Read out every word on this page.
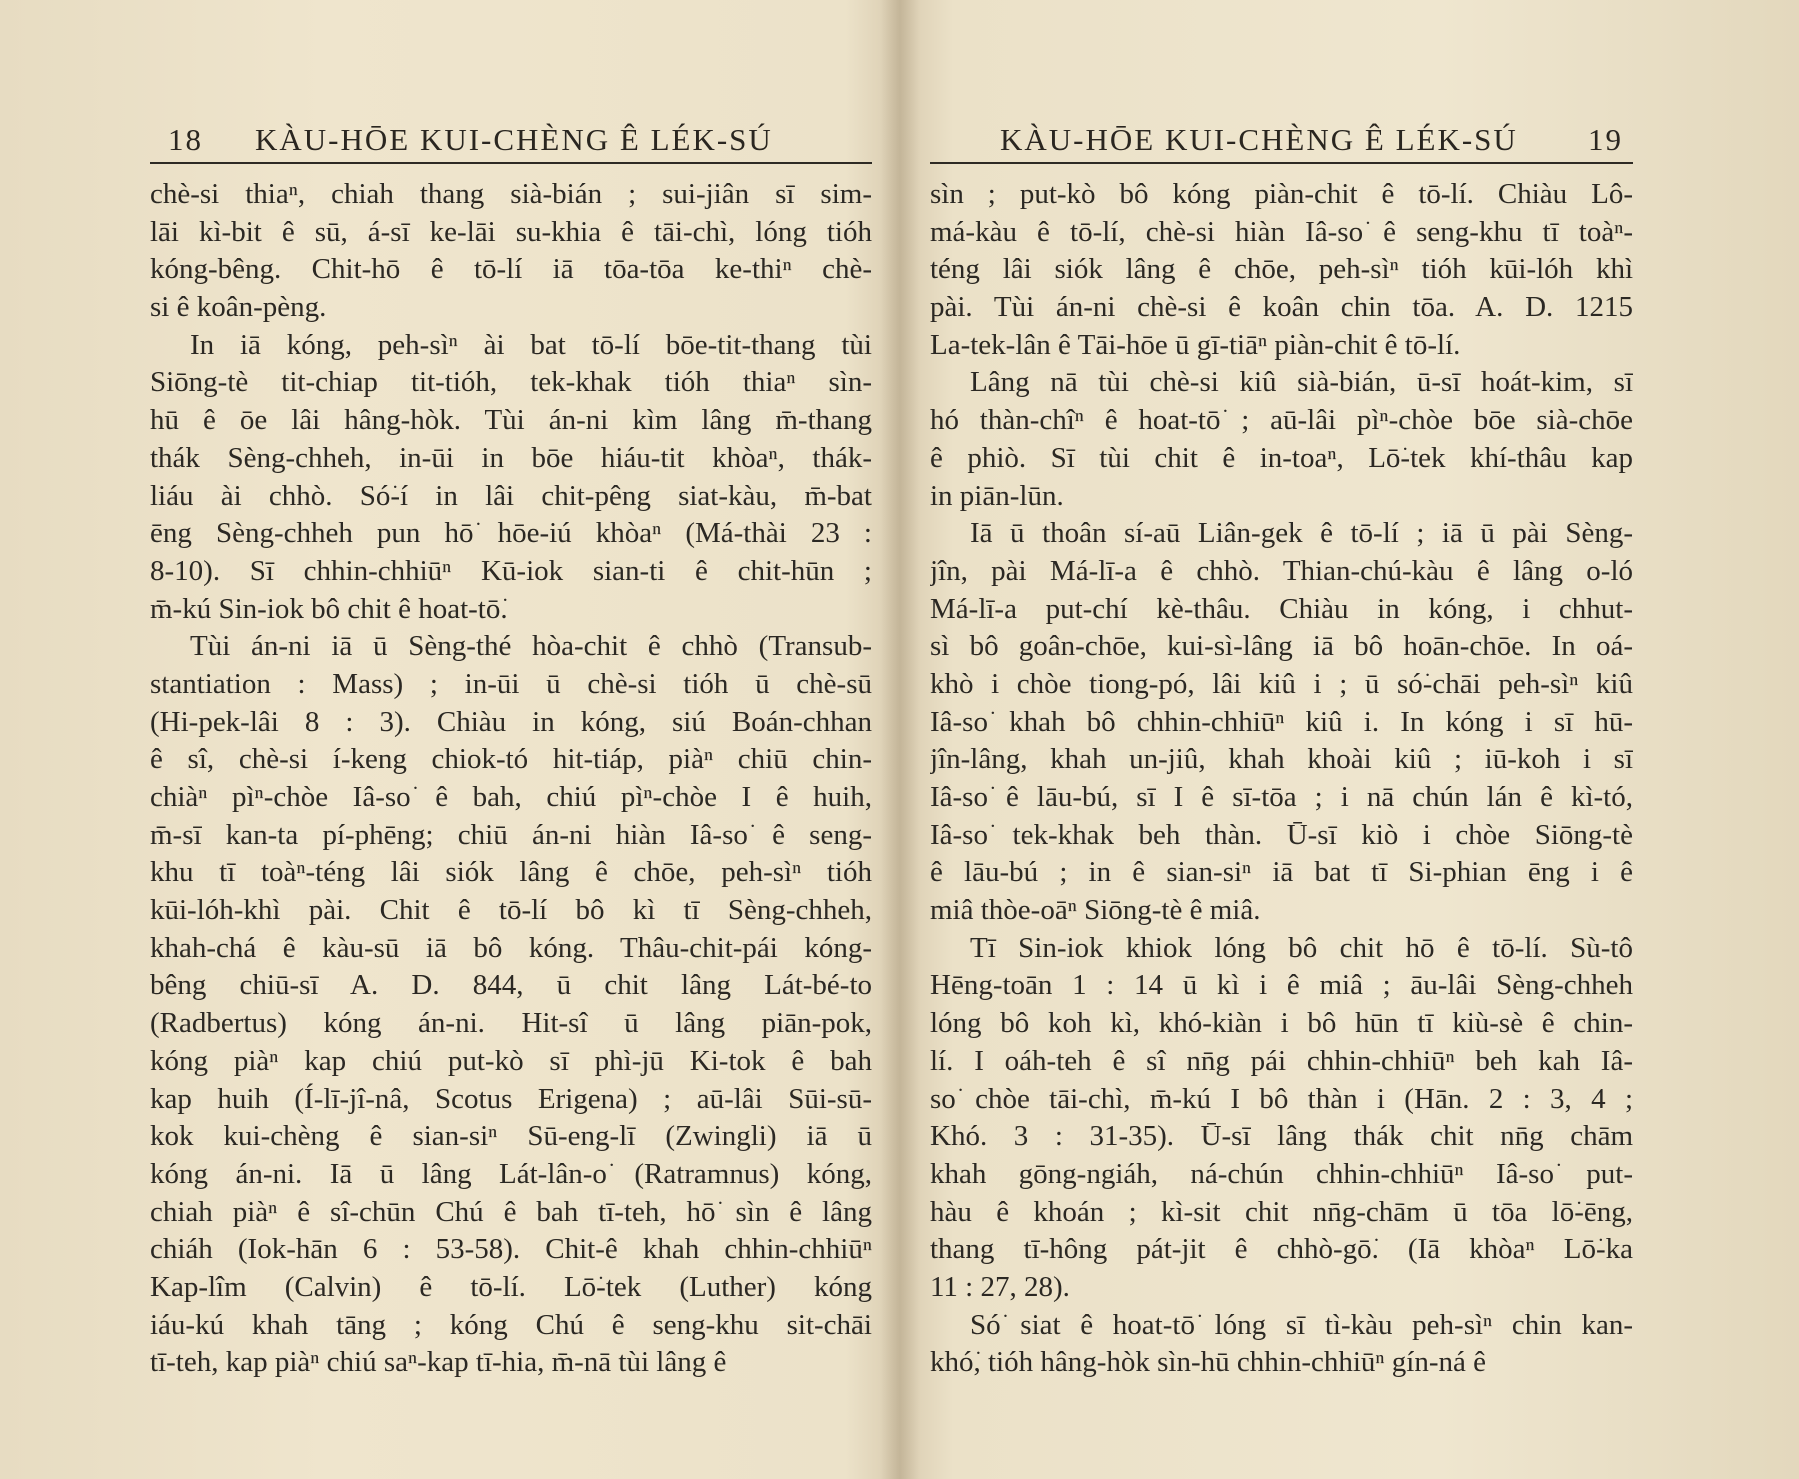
18 KÀU-HŌE KUI-CHÈNG Ê LÉK-SÚ
chè-si thiaⁿ, chiah thang sià-bián ; sui-jiân sī sim-
lāi kì-bit ê sū, á-sī ke-lāi su-khia ê tāi-chì, lóng tióh
kóng-bêng. Chit-hō ê tō-lí iā tōa-tōa ke-thiⁿ chè-
si ê koân-pèng.
In iā kóng, peh-sìⁿ ài bat tō-lí bōe-tit-thang tùi
Siōng-tè tit-chiap tit-tióh, tek-khak tióh thiaⁿ sìn-
hū ê ōe lâi hâng-hòk. Tùi án-ni kìm lâng m̄-thang
thák Sèng-chheh, in-ūi in bōe hiáu-tit khòaⁿ, thák-
liáu ài chhò. Só͘-í in lâi chit-pêng siat-kàu, m̄-bat
ēng Sèng-chheh pun hō͘ hōe-iú khòaⁿ (Má-thài 23 :
8-10). Sī chhin-chhiūⁿ Kū-iok sian-ti ê chit-hūn ;
m̄-kú Sin-iok bô chit ê hoat-tō͘.
Tùi án-ni iā ū Sèng-thé hòa-chit ê chhò (Transub-
stantiation : Mass) ; in-ūi ū chè-si tióh ū chè-sū
(Hi-pek-lâi 8 : 3). Chiàu in kóng, siú Boán-chhan
ê sî, chè-si í-keng chiok-tó hit-tiáp, piàⁿ chiū chin-
chiàⁿ pìⁿ-chòe Iâ-so͘ ê bah, chiú pìⁿ-chòe I ê huih,
m̄-sī kan-ta pí-phēng; chiū án-ni hiàn Iâ-so͘ ê seng-
khu tī toàⁿ-téng lâi siók lâng ê chōe, peh-sìⁿ tióh
kūi-lóh-khì pài. Chit ê tō-lí bô kì tī Sèng-chheh,
khah-chá ê kàu-sū iā bô kóng. Thâu-chit-pái kóng-
bêng chiū-sī A. D. 844, ū chit lâng Lát-bé-to͘
(Radbertus) kóng án-ni. Hit-sî ū lâng piān-pok,
kóng piàⁿ kap chiú put-kò sī phì-jū Ki-tok ê bah
kap huih (Í-lī-jî-nâ, Scotus Erigena) ; aū-lâi Sūi-sū-
kok kui-chèng ê sian-siⁿ Sū-eng-lī (Zwingli) iā ū
kóng án-ni. Iā ū lâng Lát-lân-o͘ (Ratramnus) kóng,
chiah piàⁿ ê sî-chūn Chú ê bah tī-teh, hō͘ sìn ê lâng
chiáh (Iok-hān 6 : 53-58). Chit-ê khah chhin-chhiūⁿ
Kap-lîm (Calvin) ê tō-lí. Lō͘-tek (Luther) kóng
iáu-kú khah tāng ; kóng Chú ê seng-khu sit-chāi
tī-teh, kap piàⁿ chiú saⁿ-kap tī-hia, m̄-nā tùi lâng ê
KÀU-HŌE KUI-CHÈNG Ê LÉK-SÚ 19
sìn ; put-kò bô kóng piàn-chit ê tō-lí. Chiàu Lô-
má-kàu ê tō-lí, chè-si hiàn Iâ-so͘ ê seng-khu tī toàⁿ-
téng lâi siók lâng ê chōe, peh-sìⁿ tióh kūi-lóh khì
pài. Tùi án-ni chè-si ê koân chin tōa. A. D. 1215
La-tek-lân ê Tāi-hōe ū gī-tiāⁿ piàn-chit ê tō-lí.
Lâng nā tùi chè-si kiû sià-bián, ū-sī hoát-kim, sī
hó thàn-chîⁿ ê hoat-tō͘ ; aū-lâi pìⁿ-chòe bōe sià-chōe
ê phiò. Sī tùi chit ê in-toaⁿ, Lō͘-tek khí-thâu kap
in piān-lūn.
Iā ū thoân sí-aū Liân-gek ê tō-lí ; iā ū pài Sèng-
jîn, pài Má-lī-a ê chhò. Thian-chú-kàu ê lâng o-ló
Má-lī-a put-chí kè-thâu. Chiàu in kóng, i chhut-
sì bô goân-chōe, kui-sì-lâng iā bô hoān-chōe. In oá-
khò i chòe tiong-pó, lâi kiû i ; ū só͘-chāi peh-sìⁿ kiû
Iâ-so͘ khah bô chhin-chhiūⁿ kiû i. In kóng i sī hū-
jîn-lâng, khah un-jiû, khah khoài kiû ; iū-koh i sī
Iâ-so͘ ê lāu-bú, sī I ê sī-tōa ; i nā chún lán ê kì-tó,
Iâ-so͘ tek-khak beh thàn. Ū-sī kiò i chòe Siōng-tè
ê lāu-bú ; in ê sian-siⁿ iā bat tī Si-phian ēng i ê
miâ thòe-oāⁿ Siōng-tè ê miâ.
Tī Sin-iok khiok lóng bô chit hō ê tō-lí. Sù-tô͘
Hēng-toān 1 : 14 ū kì i ê miâ ; āu-lâi Sèng-chheh
lóng bô koh kì, khó-kiàn i bô hūn tī kiù-sè ê chin-
lí. I oáh-teh ê sî nn̄g pái chhin-chhiūⁿ beh kah Iâ-
so͘ chòe tāi-chì, m̄-kú I bô thàn i (Hān. 2 : 3, 4 ;
Khó. 3 : 31-35). Ū-sī lâng thák chit nn̄g chām
khah gōng-ngiáh, ná-chún chhin-chhiūⁿ Iâ-so͘ put-
hàu ê khoán ; kì-sit chit nn̄g-chām ū tōa lō͘-ēng,
thang tī-hông pát-jit ê chhò-gō͘. (Iā khòaⁿ Lō͘-ka
11 : 27, 28).
Só͘ siat ê hoat-tō͘ lóng sī tì-kàu peh-sìⁿ chin kan-
khó͘, tióh hâng-hòk sìn-hū chhin-chhiūⁿ gín-ná ê
